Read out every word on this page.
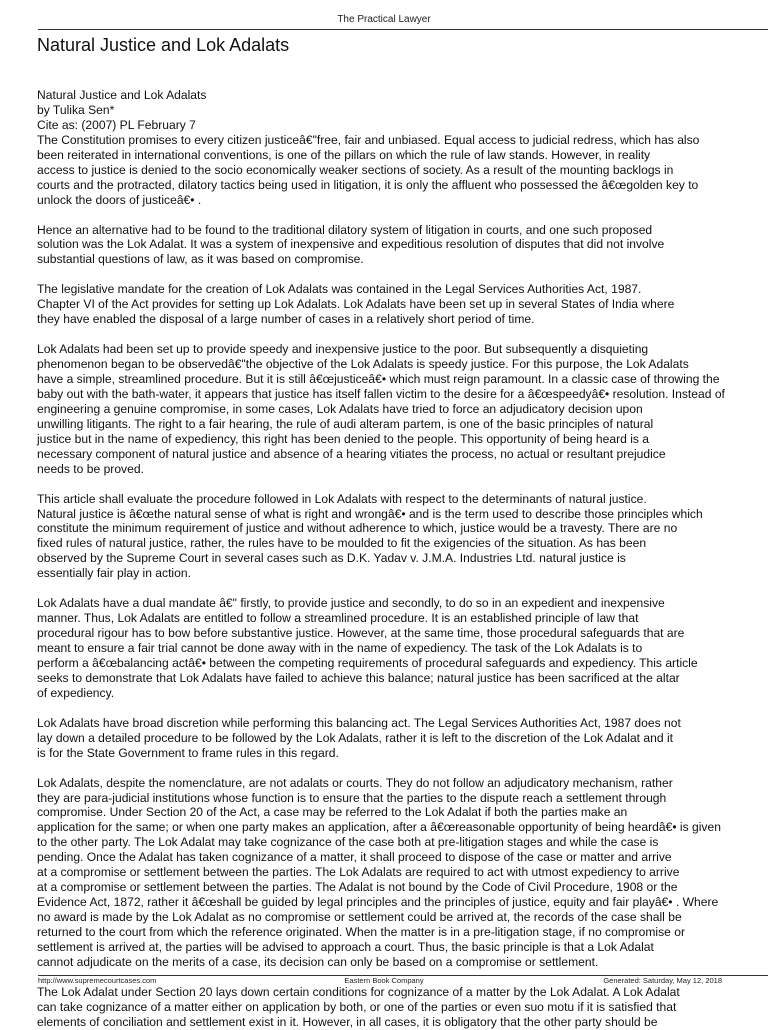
The Practical Lawyer
Natural Justice and Lok Adalats
Natural Justice and Lok Adalats
by Tulika Sen*
Cite as: (2007) PL February 7
The Constitution promises to every citizen justiceâ€"free, fair and unbiased. Equal access to judicial redress, which has also
been reiterated in international conventions, is one of the pillars on which the rule of law stands. However, in reality
access to justice is denied to the socio economically weaker sections of society. As a result of the mounting backlogs in
courts and the protracted, dilatory tactics being used in litigation, it is only the affluent who possessed the â€œgolden key to
unlock the doors of justiceâ€• .
Hence an alternative had to be found to the traditional dilatory system of litigation in courts, and one such proposed
solution was the Lok Adalat. It was a system of inexpensive and expeditious resolution of disputes that did not involve
substantial questions of law, as it was based on compromise.
The legislative mandate for the creation of Lok Adalats was contained in the Legal Services Authorities Act, 1987.
Chapter VI of the Act provides for setting up Lok Adalats. Lok Adalats have been set up in several States of India where
they have enabled the disposal of a large number of cases in a relatively short period of time.
Lok Adalats had been set up to provide speedy and inexpensive justice to the poor. But subsequently a disquieting
phenomenon began to be observedâ€"the objective of the Lok Adalats is speedy justice. For this purpose, the Lok Adalats
have a simple, streamlined procedure. But it is still â€œjusticeâ€• which must reign paramount. In a classic case of throwing the
baby out with the bath-water, it appears that justice has itself fallen victim to the desire for a â€œspeedyâ€• resolution. Instead of
engineering a genuine compromise, in some cases, Lok Adalats have tried to force an adjudicatory decision upon
unwilling litigants. The right to a fair hearing, the rule of audi alteram partem, is one of the basic principles of natural
justice but in the name of expediency, this right has been denied to the people. This opportunity of being heard is a
necessary component of natural justice and absence of a hearing vitiates the process, no actual or resultant prejudice
needs to be proved.
This article shall evaluate the procedure followed in Lok Adalats with respect to the determinants of natural justice.
Natural justice is â€œthe natural sense of what is right and wrongâ€• and is the term used to describe those principles which
constitute the minimum requirement of justice and without adherence to which, justice would be a travesty. There are no
fixed rules of natural justice, rather, the rules have to be moulded to fit the exigencies of the situation. As has been
observed by the Supreme Court in several cases such as D.K. Yadav v. J.M.A. Industries Ltd. natural justice is
essentially fair play in action.
Lok Adalats have a dual mandate â€" firstly, to provide justice and secondly, to do so in an expedient and inexpensive
manner. Thus, Lok Adalats are entitled to follow a streamlined procedure. It is an established principle of law that
procedural rigour has to bow before substantive justice. However, at the same time, those procedural safeguards that are
meant to ensure a fair trial cannot be done away with in the name of expediency. The task of the Lok Adalats is to
perform a â€œbalancing actâ€• between the competing requirements of procedural safeguards and expediency. This article
seeks to demonstrate that Lok Adalats have failed to achieve this balance; natural justice has been sacrificed at the altar
of expediency.
Lok Adalats have broad discretion while performing this balancing act. The Legal Services Authorities Act, 1987 does not
lay down a detailed procedure to be followed by the Lok Adalats, rather it is left to the discretion of the Lok Adalat and it
is for the State Government to frame rules in this regard.
Lok Adalats, despite the nomenclature, are not adalats or courts. They do not follow an adjudicatory mechanism, rather
they are para-judicial institutions whose function is to ensure that the parties to the dispute reach a settlement through
compromise. Under Section 20 of the Act, a case may be referred to the Lok Adalat if both the parties make an
application for the same; or when one party makes an application, after a â€œreasonable opportunity of being heardâ€• is given
to the other party. The Lok Adalat may take cognizance of the case both at pre-litigation stages and while the case is
pending. Once the Adalat has taken cognizance of a matter, it shall proceed to dispose of the case or matter and arrive
at a compromise or settlement between the parties. The Lok Adalats are required to act with utmost expediency to arrive
at a compromise or settlement between the parties. The Adalat is not bound by the Code of Civil Procedure, 1908 or the
Evidence Act, 1872, rather it â€œshall be guided by legal principles and the principles of justice, equity and fair playâ€• . Where
no award is made by the Lok Adalat as no compromise or settlement could be arrived at, the records of the case shall be
returned to the court from which the reference originated. When the matter is in a pre-litigation stage, if no compromise or
settlement is arrived at, the parties will be advised to approach a court. Thus, the basic principle is that a Lok Adalat
cannot adjudicate on the merits of a case, its decision can only be based on a compromise or settlement.
The Lok Adalat under Section 20 lays down certain conditions for cognizance of a matter by the Lok Adalat. A Lok Adalat
can take cognizance of a matter either on application by both, or one of the parties or even suo motu if it is satisfied that
elements of conciliation and settlement exist in it. However, in all cases, it is obligatory that the other party should be
http://www.supremecourtcases.com	Eastern Book Company	Generated: Saturday, May 12, 2018
